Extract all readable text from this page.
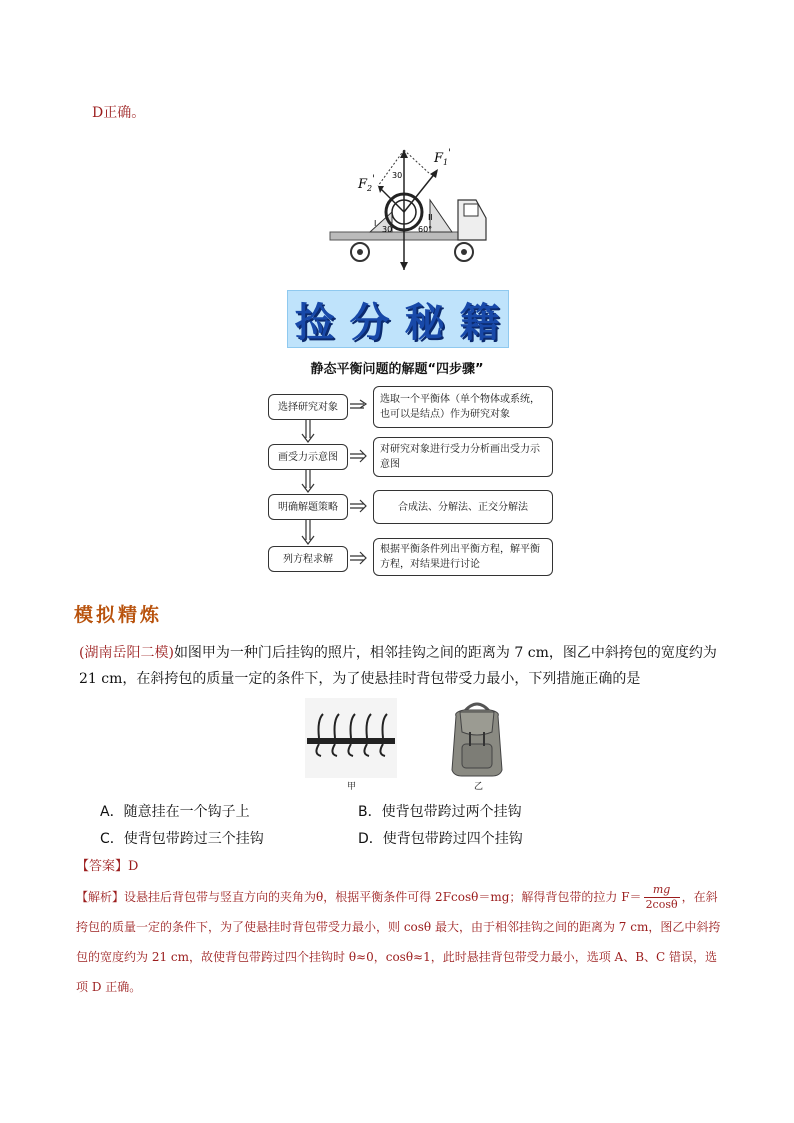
D正确。
$F_1'$
$F_2'$ 30
30	60°
I
II
捡 分 秘 籍
静态平衡问题的解题“四步骤”
选择研究对象
选取一个平衡体（单个物体或系统，也可以是结点）作为研究对象
画受力示意图
对研究对象进行受力分析画出受力示意图
明确解题策略	合成法、分解法、正交分解法
列方程求解
根据平衡条件列出平衡方程，解平衡方程，对结果进行讨论
模拟精炼
(湖南岳阳二模)如图甲为一种门后挂钩的照片，相邻挂钩之间的距离为 7 cm，图乙中斜挎包的宽度约为 21 cm，在斜挎包的质量一定的条件下，为了使悬挂时背包带受力最小，下列措施正确的是
甲	乙
A．随意挂在一个钩子上	B．使背包带跨过两个挂钩
C．使背包带跨过三个挂钩	D．使背包带跨过四个挂钩
【答案】D
【解析】设悬挂后背包带与竖直方向的夹角为θ，根据平衡条件可得 2Fcosθ＝mg；解得背包带的拉力 $F= \frac{mg}{2\cos\theta}$ ，在斜挎包的质量一定的条件下，为了使悬挂时背包带受力最小，则 cosθ 最大，由于相邻挂钩之间的距离为 7 cm，图乙中斜挎包的宽度约为 21 cm，故使背包带跨过四个挂钩时 θ≈0，cosθ≈1，此时悬挂背包带受力最小，选项 A、B、C 错误，选项 D 正确。
